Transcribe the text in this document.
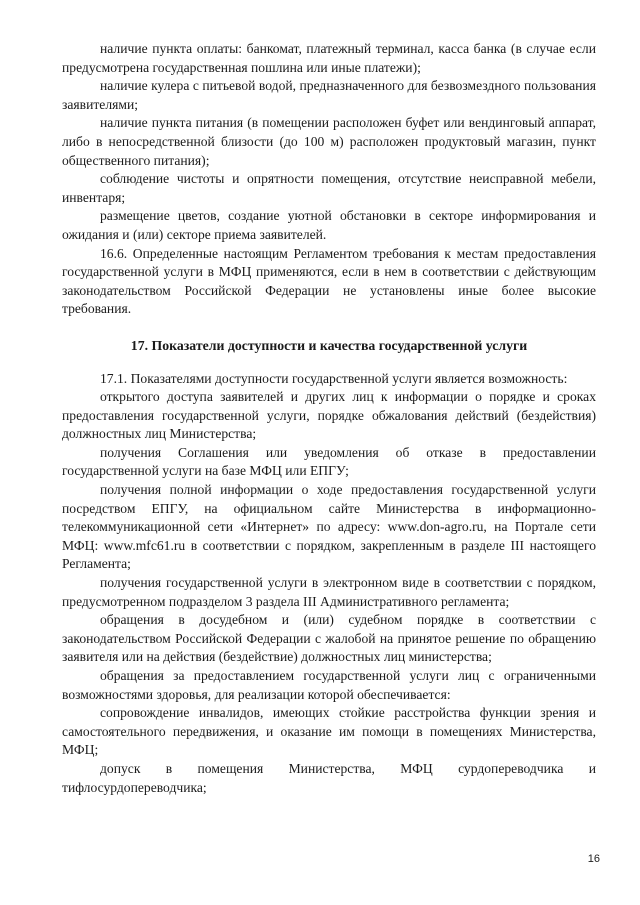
наличие пункта оплаты: банкомат, платежный терминал, касса банка (в случае если предусмотрена государственная пошлина или иные платежи);

наличие кулера с питьевой водой, предназначенного для безвозмездного пользования заявителями;

наличие пункта питания (в помещении расположен буфет или вендинговый аппарат, либо в непосредственной близости (до 100 м) расположен продуктовый магазин, пункт общественного питания);

соблюдение чистоты и опрятности помещения, отсутствие неисправной мебели, инвентаря;

размещение цветов, создание уютной обстановки в секторе информирования и ожидания и (или) секторе приема заявителей.

16.6. Определенные настоящим Регламентом требования к местам предоставления государственной услуги в МФЦ применяются, если в нем в соответствии с действующим законодательством Российской Федерации не установлены иные более высокие требования.

17. Показатели доступности и качества государственной услуги

17.1. Показателями доступности государственной услуги является возможность:

открытого доступа заявителей и других лиц к информации о порядке и сроках предоставления государственной услуги, порядке обжалования действий (бездействия) должностных лиц Министерства;

получения Соглашения или уведомления об отказе в предоставлении государственной услуги на базе МФЦ или ЕПГУ;

получения полной информации о ходе предоставления государственной услуги посредством ЕПГУ, на официальном сайте Министерства в информационно-телекоммуникационной сети «Интернет» по адресу: www.don-agro.ru, на Портале сети МФЦ: www.mfc61.ru в соответствии с порядком, закрепленным в разделе III настоящего Регламента;

получения государственной услуги в электронном виде в соответствии с порядком, предусмотренном подразделом 3 раздела III Административного регламента;

обращения в досудебном и (или) судебном порядке в соответствии с законодательством Российской Федерации с жалобой на принятое решение по обращению заявителя или на действия (бездействие) должностных лиц министерства;

обращения за предоставлением государственной услуги лиц с ограниченными возможностями здоровья, для реализации которой обеспечивается:

сопровождение инвалидов, имеющих стойкие расстройства функции зрения и самостоятельного передвижения, и оказание им помощи в помещениях Министерства, МФЦ;

допуск в помещения Министерства, МФЦ сурдопереводчика и тифлосурдопереводчика;

16
